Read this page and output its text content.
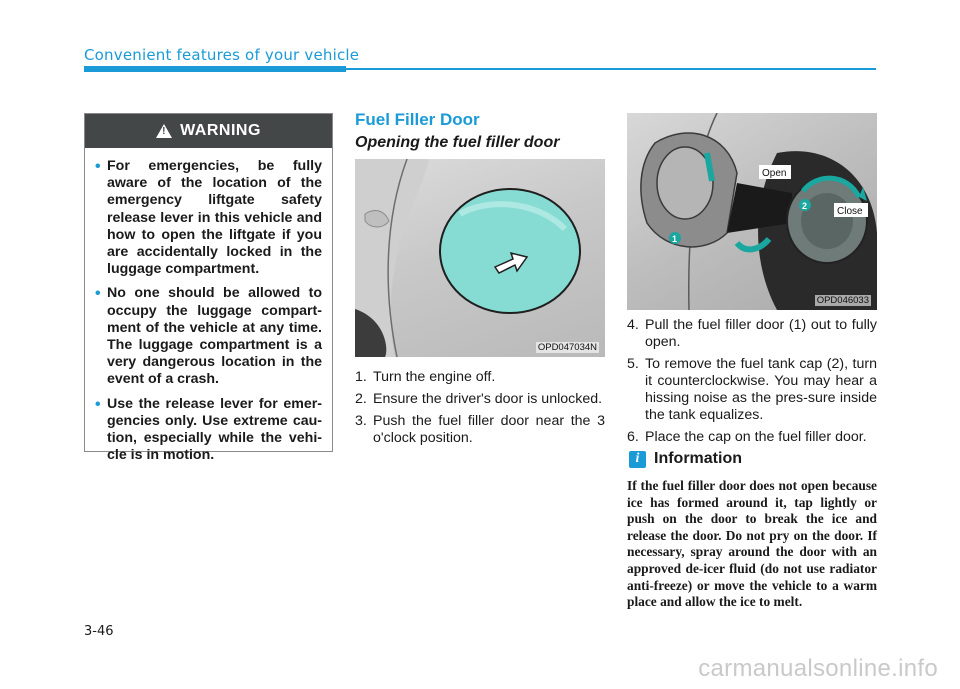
Convenient features of your vehicle
! WARNING
• For emergencies, be fully aware of the location of the emergency liftgate safety release lever in this vehicle and how to open the liftgate if you are accidentally locked in the luggage compartment.
• No one should be allowed to occupy the luggage compart-ment of the vehicle at any time. The luggage compartment is a very dangerous location in the event of a crash.
• Use the release lever for emer-gencies only. Use extreme cau-tion, especially while the vehi-cle is in motion.
Fuel Filler Door
Opening the fuel filler door
OPD047034N
1. Turn the engine off.
2. Ensure the driver's door is unlocked.
3. Push the fuel filler door near the 3 o'clock position.
1
2
Open
Close
OPD046033
4. Pull the fuel filler door (1) out to fully open.
5. To remove the fuel tank cap (2), turn it counterclockwise. You may hear a hissing noise as the pres-sure inside the tank equalizes.
6. Place the cap on the fuel filler door.
i Information
If the fuel filler door does not open because ice has formed around it, tap lightly or push on the door to break the ice and release the door. Do not pry on the door. If necessary, spray around the door with an approved de-icer fluid (do not use radiator anti-freeze) or move the vehicle to a warm place and allow the ice to melt.
3-46
carmanualsonline.info
